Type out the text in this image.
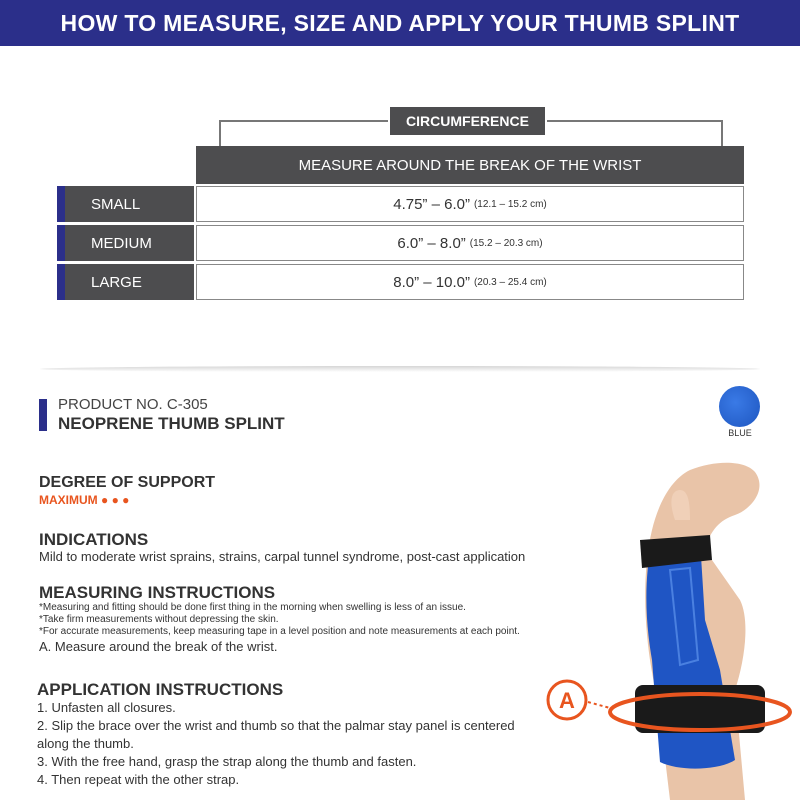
HOW TO MEASURE, SIZE AND APPLY YOUR THUMB SPLINT
CIRCUMFERENCE
MEASURE AROUND THE BREAK OF THE WRIST
SMALL	4.75” – 6.0” (12.1 – 15.2 cm)
MEDIUM	6.0” – 8.0” (15.2 – 20.3 cm)
LARGE	8.0” – 10.0” (20.3 – 25.4 cm)
PRODUCT NO. C-305
NEOPRENE THUMB SPLINT	BLUE
DEGREE OF SUPPORT
MAXIMUM ● ● ●
INDICATIONS
Mild to moderate wrist sprains, strains, carpal tunnel syndrome, post-cast application
MEASURING INSTRUCTIONS
*Measuring and fitting should be done first thing in the morning when swelling is less of an issue.
*Take firm measurements without depressing the skin.
*For accurate measurements, keep measuring tape in a level position and note measurements at each point.
A. Measure around the break of the wrist.
APPLICATION INSTRUCTIONS
1. Unfasten all closures.
2. Slip the brace over the wrist and thumb so that the palmar stay panel is centered along the thumb.
3. With the free hand, grasp the strap along the thumb and fasten.
4. Then repeat with the other strap.
A
